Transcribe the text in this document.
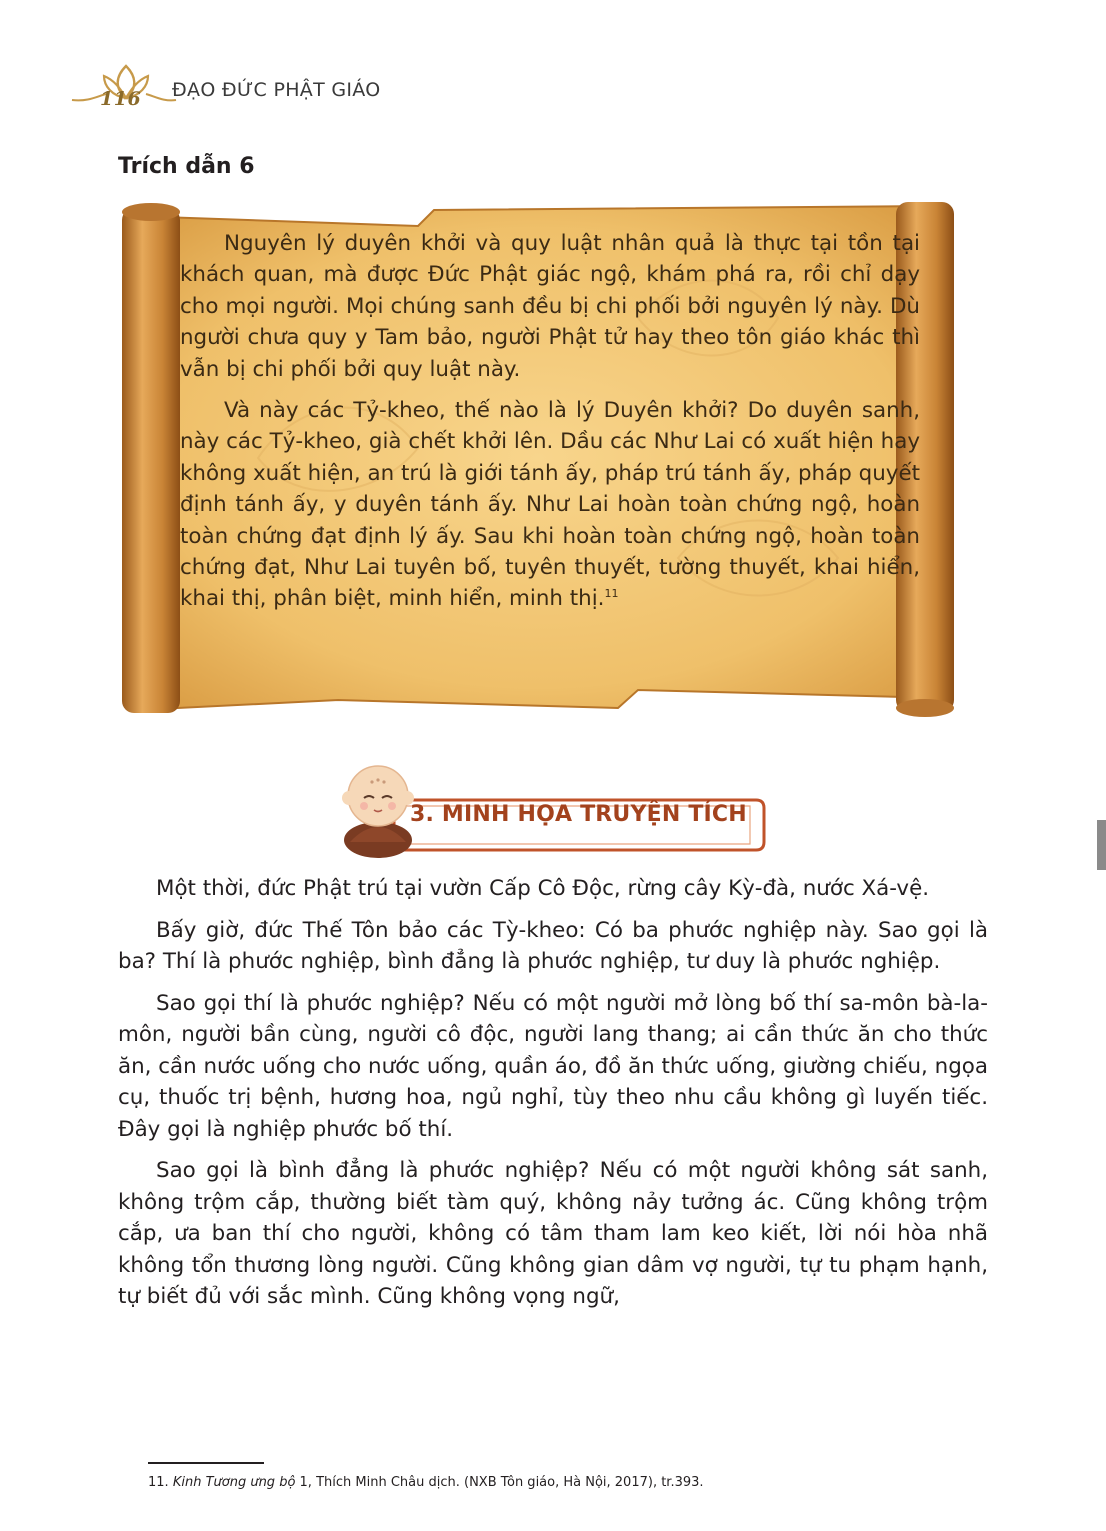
116 ĐẠO ĐỨC PHẬT GIÁO
Trích dẫn 6

Nguyên lý duyên khởi và quy luật nhân quả là thực tại tồn tại khách quan, mà được Đức Phật giác ngộ, khám phá ra, rồi chỉ dạy cho mọi người. Mọi chúng sanh đều bị chi phối bởi nguyên lý này. Dù người chưa quy y Tam bảo, người Phật tử hay theo tôn giáo khác thì vẫn bị chi phối bởi quy luật này.

Và này các Tỷ-kheo, thế nào là lý Duyên khởi? Do duyên sanh, này các Tỷ-kheo, già chết khởi lên. Dầu các Như Lai có xuất hiện hay không xuất hiện, an trú là giới tánh ấy, pháp trú tánh ấy, pháp quyết định tánh ấy, y duyên tánh ấy. Như Lai hoàn toàn chứng ngộ, hoàn toàn chứng đạt định lý ấy. Sau khi hoàn toàn chứng ngộ, hoàn toàn chứng đạt, Như Lai tuyên bố, tuyên thuyết, tường thuyết, khai hiển, khai thị, phân biệt, minh hiển, minh thị.$^{11}$

3. MINH HỌA TRUYỆN TÍCH

Một thời, đức Phật trú tại vườn Cấp Cô Độc, rừng cây Kỳ-đà, nước Xá-vệ.

Bấy giờ, đức Thế Tôn bảo các Tỳ-kheo: Có ba phước nghiệp này. Sao gọi là ba? Thí là phước nghiệp, bình đẳng là phước nghiệp, tư duy là phước nghiệp.

Sao gọi thí là phước nghiệp? Nếu có một người mở lòng bố thí sa-môn bà-la-môn, người bần cùng, người cô độc, người lang thang; ai cần thức ăn cho thức ăn, cần nước uống cho nước uống, quần áo, đồ ăn thức uống, giường chiếu, ngọa cụ, thuốc trị bệnh, hương hoa, ngủ nghỉ, tùy theo nhu cầu không gì luyến tiếc. Đây gọi là nghiệp phước bố thí.

Sao gọi là bình đẳng là phước nghiệp? Nếu có một người không sát sanh, không trộm cắp, thường biết tàm quý, không nảy tưởng ác. Cũng không trộm cắp, ưa ban thí cho người, không có tâm tham lam keo kiết, lời nói hòa nhã không tổn thương lòng người. Cũng không gian dâm vợ người, tự tu phạm hạnh, tự biết đủ với sắc mình. Cũng không vọng ngữ,

11. Kinh Tương ưng bộ 1, Thích Minh Châu dịch. (NXB Tôn giáo, Hà Nội, 2017), tr.393.
